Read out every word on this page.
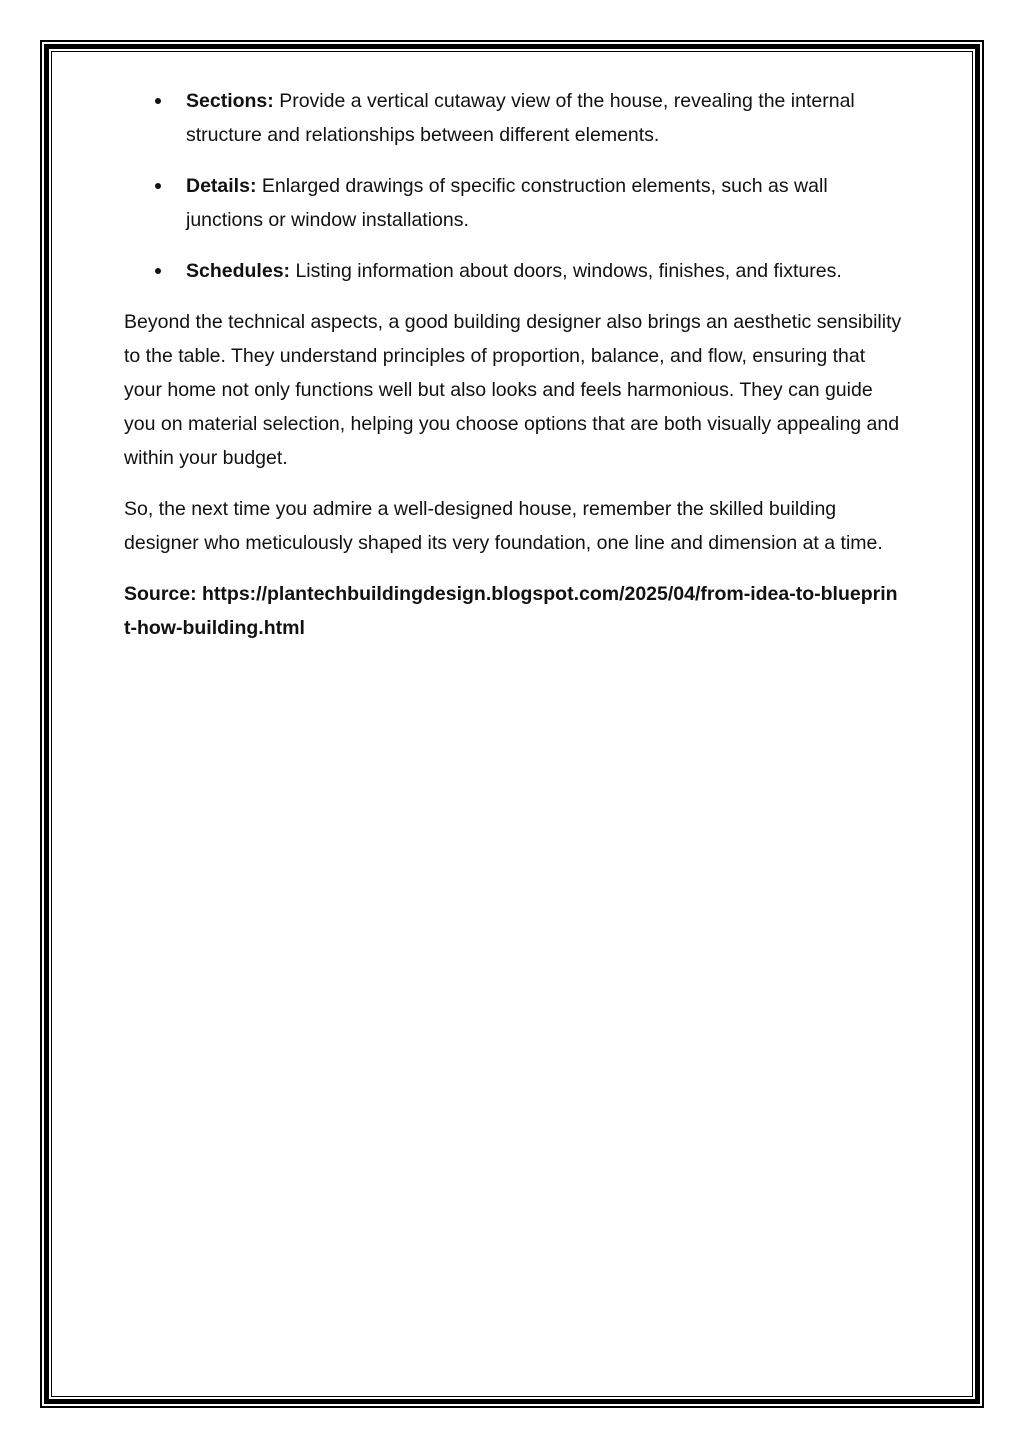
Sections: Provide a vertical cutaway view of the house, revealing the internal structure and relationships between different elements.
Details: Enlarged drawings of specific construction elements, such as wall junctions or window installations.
Schedules: Listing information about doors, windows, finishes, and fixtures.

Beyond the technical aspects, a good building designer also brings an aesthetic sensibility to the table. They understand principles of proportion, balance, and flow, ensuring that your home not only functions well but also looks and feels harmonious. They can guide you on material selection, helping you choose options that are both visually appealing and within your budget.

So, the next time you admire a well-designed house, remember the skilled building designer who meticulously shaped its very foundation, one line and dimension at a time.

Source: https://plantechbuildingdesign.blogspot.com/2025/04/from-idea-to-blueprint-how-building.html
